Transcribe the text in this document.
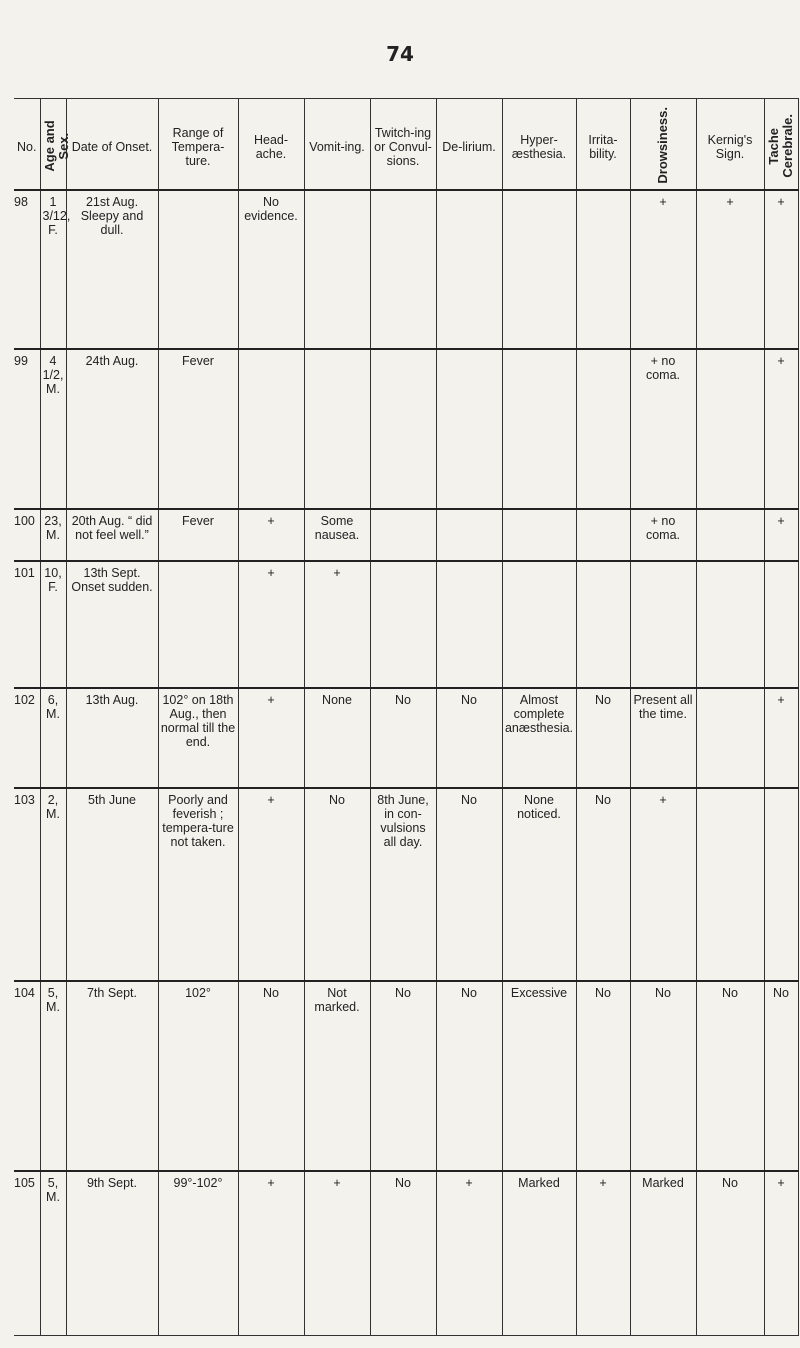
74
No.	Age and Sex.	Date of Onset.	Range of Tempera-ture.	Head-ache.	Vomit-ing.	Twitch-ing or Convul-sions.	De-lirium.	Hyper-æsthesia.	Irrita-bility.	Drowsiness.	Kernig's Sign.	Tache Cerebrale.
98	1 3/12, F.	21st Aug. Sleepy and dull.		No evidence.						+	+	+
99	4 1/2, M.	24th Aug.	Fever							+ no coma.		+
100	23, M.	20th Aug. “ did not feel well.”	Fever	+	Some nausea.					+ no coma.		+
101	10, F.	13th Sept. Onset sudden.		+	+							
102	6, M.	13th Aug.	102° on 18th Aug., then normal till the end.	+	None	No	No	Almost complete anæsthesia.	No	Present all the time.		+
103	2, M.	5th June	Poorly and feverish ; tempera-ture not taken.	+	No	8th June, in con-vulsions all day.	No	None noticed.	No	+		
104	5, M.	7th Sept.	102°	No	Not marked.	No	No	Excessive	No	No	No	No
105	5, M.	9th Sept.	99°-102°	+	+	No	+	Marked	+	Marked	No	+
